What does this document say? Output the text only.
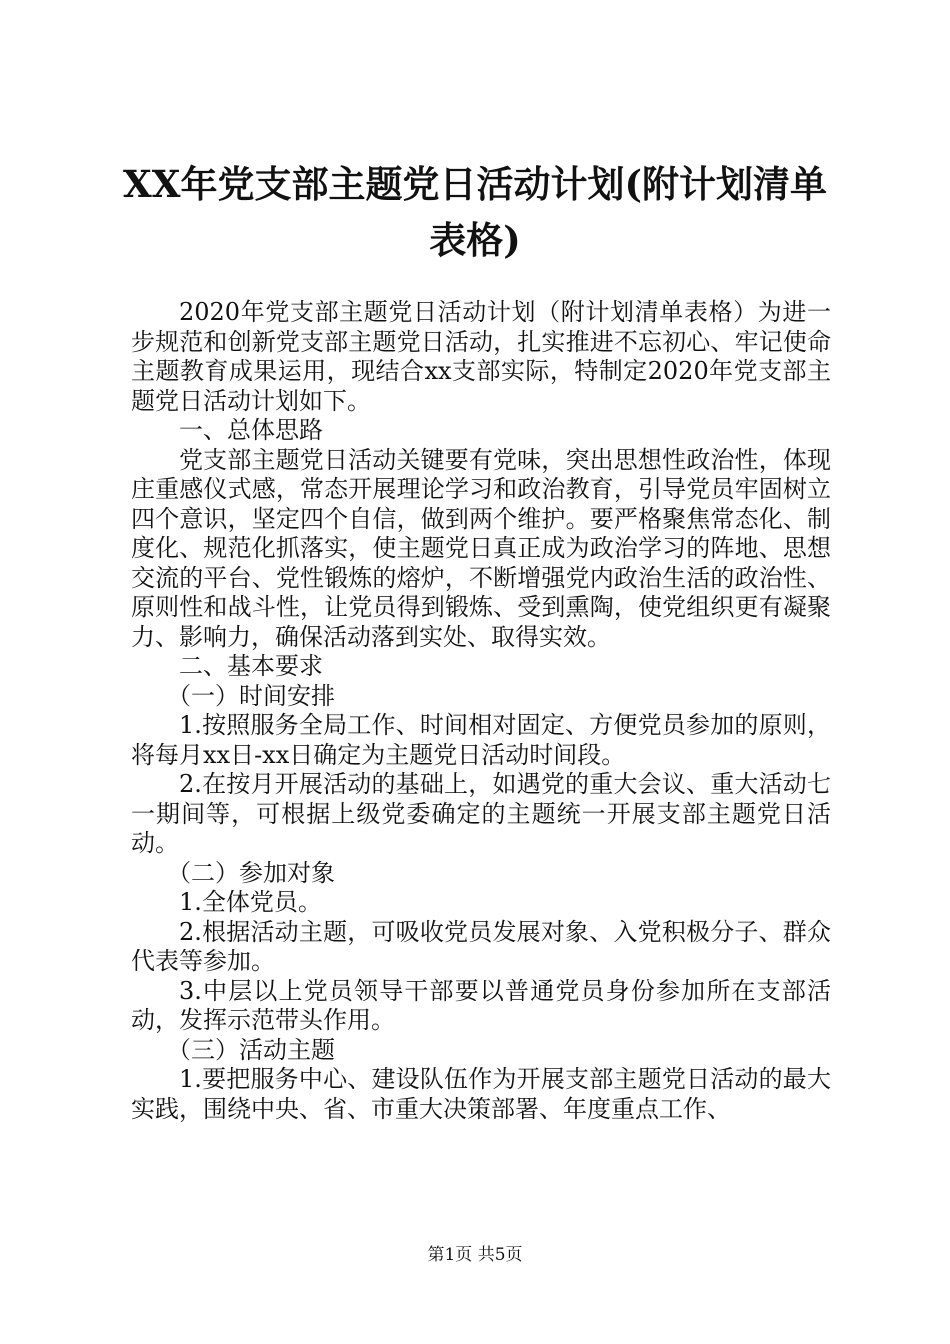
XX年党支部主题党日活动计划(附计划清单表格)

2020年党支部主题党日活动计划（附计划清单表格）为进一步规范和创新党支部主题党日活动，扎实推进不忘初心、牢记使命主题教育成果运用，现结合xx支部实际，特制定2020年党支部主题党日活动计划如下。

一、总体思路

党支部主题党日活动关键要有党味，突出思想性政治性，体现庄重感仪式感，常态开展理论学习和政治教育，引导党员牢固树立四个意识，坚定四个自信，做到两个维护。要严格聚焦常态化、制度化、规范化抓落实，使主题党日真正成为政治学习的阵地、思想交流的平台、党性锻炼的熔炉，不断增强党内政治生活的政治性、原则性和战斗性，让党员得到锻炼、受到熏陶，使党组织更有凝聚力、影响力，确保活动落到实处、取得实效。

二、基本要求

（一）时间安排

1.按照服务全局工作、时间相对固定、方便党员参加的原则，将每月xx日-xx日确定为主题党日活动时间段。

2.在按月开展活动的基础上，如遇党的重大会议、重大活动七一期间等，可根据上级党委确定的主题统一开展支部主题党日活动。

（二）参加对象

1.全体党员。

2.根据活动主题，可吸收党员发展对象、入党积极分子、群众代表等参加。

3.中层以上党员领导干部要以普通党员身份参加所在支部活动，发挥示范带头作用。

（三）活动主题

1.要把服务中心、建设队伍作为开展支部主题党日活动的最大实践，围绕中央、省、市重大决策部署、年度重点工作、

第1页 共5页
